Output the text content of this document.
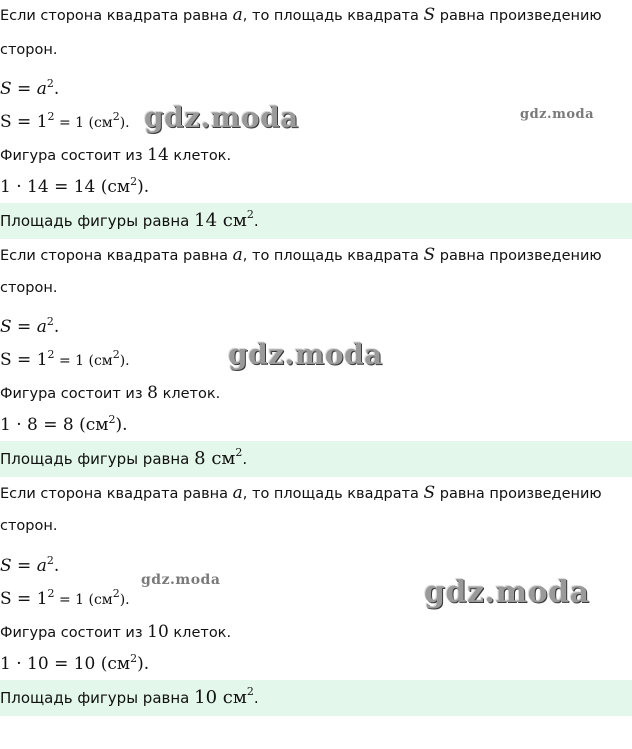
Если сторона квадрата равна a, то площадь квадрата S равна произведению
сторон.
$S = a^2$.
$S = 1^2 = 1$ $(см^2)$.
Фигура состоит из 14 клеток.
1 · 14 = 14 $(см^2)$.
Площадь фигуры равна 14 $см^2$.
Если сторона квадрата равна a, то площадь квадрата S равна произведению
сторон.
$S = a^2$.
$S = 1^2 = 1$ $(см^2)$.
Фигура состоит из 8 клеток.
1 · 8 = 8 $(см^2)$.
Площадь фигуры равна 8 $см^2$.
Если сторона квадрата равна a, то площадь квадрата S равна произведению
сторон.
$S = a^2$.
$S = 1^2 = 1$ $(см^2)$.
Фигура состоит из 10 клеток.
1 · 10 = 10 $(см^2)$.
Площадь фигуры равна 10 $см^2$.
gdz.moda	gdz.moda
gdz.moda
gdz.moda	gdz.moda
